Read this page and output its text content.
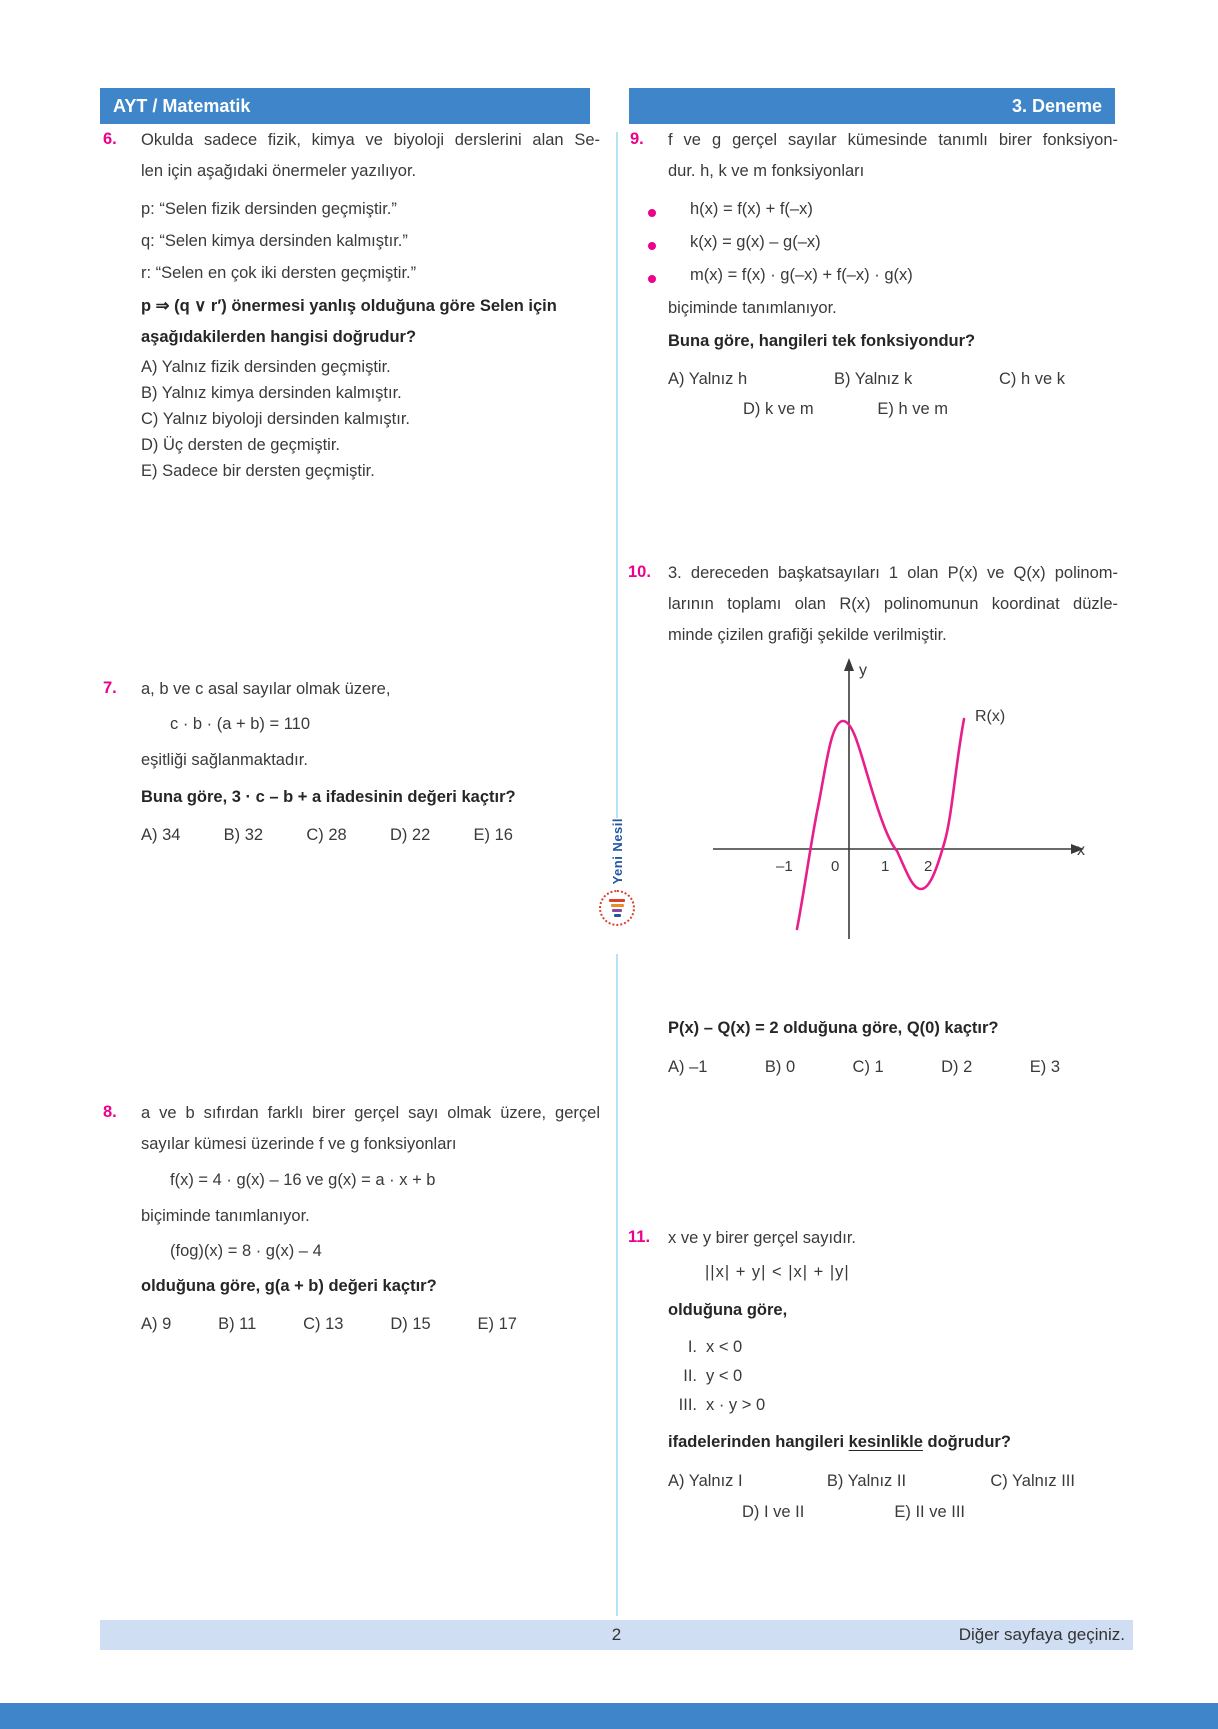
AYT / Matematik	3. Deneme
Yeni Nesil
6. Okulda sadece fizik, kimya ve biyoloji derslerini alan Se-
len için aşağıdaki önermeler yazılıyor.
p: “Selen fizik dersinden geçmiştir.”
q: “Selen kimya dersinden kalmıştır.”
r: “Selen en çok iki dersten geçmiştir.”
p ⇒ (q ∨ r′) önermesi yanlış olduğuna göre Selen için
aşağıdakilerden hangisi doğrudur?
A) Yalnız fizik dersinden geçmiştir.
B) Yalnız kimya dersinden kalmıştır.
C) Yalnız biyoloji dersinden kalmıştır.
D) Üç dersten de geçmiştir.
E) Sadece bir dersten geçmiştir.
7. a, b ve c asal sayılar olmak üzere,
c · b · (a + b) = 110
eşitliği sağlanmaktadır.
Buna göre, 3 · c – b + a ifadesinin değeri kaçtır?
A) 34	B) 32	C) 28	D) 22	E) 16
8. a ve b sıfırdan farklı birer gerçel sayı olmak üzere, gerçel
sayılar kümesi üzerinde f ve g fonksiyonları
f(x) = 4 · g(x) – 16 ve g(x) = a · x + b
biçiminde tanımlanıyor.
(fog)(x) = 8 · g(x) – 4
olduğuna göre, g(a + b) değeri kaçtır?
A) 9	B) 11	C) 13	D) 15	E) 17
9. f ve g gerçel sayılar kümesinde tanımlı birer fonksiyon-
dur. h, k ve m fonksiyonları
h(x) = f(x) + f(–x)
k(x) = g(x) – g(–x)
m(x) = f(x) · g(–x) + f(–x) · g(x)
biçiminde tanımlanıyor.
Buna göre, hangileri tek fonksiyondur?
A) Yalnız h	B) Yalnız k	C) h ve k
D) k ve m	E) h ve m
10. 3. dereceden başkatsayıları 1 olan P(x) ve Q(x) polinom-
larının toplamı olan R(x) polinomunun koordinat düzle-
minde çizilen grafiği şekilde verilmiştir.
y
x
–1	0	1 2
R(x)
P(x) – Q(x) = 2 olduğuna göre, Q(0) kaçtır?
A) –1	B) 0	C) 1	D) 2	E) 3
11. x ve y birer gerçel sayıdır.
||x| + y| < |x| + |y|
olduğuna göre,
I. x < 0
II. y < 0
III. x · y > 0
ifadelerinden hangileri kesinlikle doğrudur?
A) Yalnız I	B) Yalnız II	C) Yalnız III
D) I ve II	E) II ve III
2	Diğer sayfaya geçiniz.
